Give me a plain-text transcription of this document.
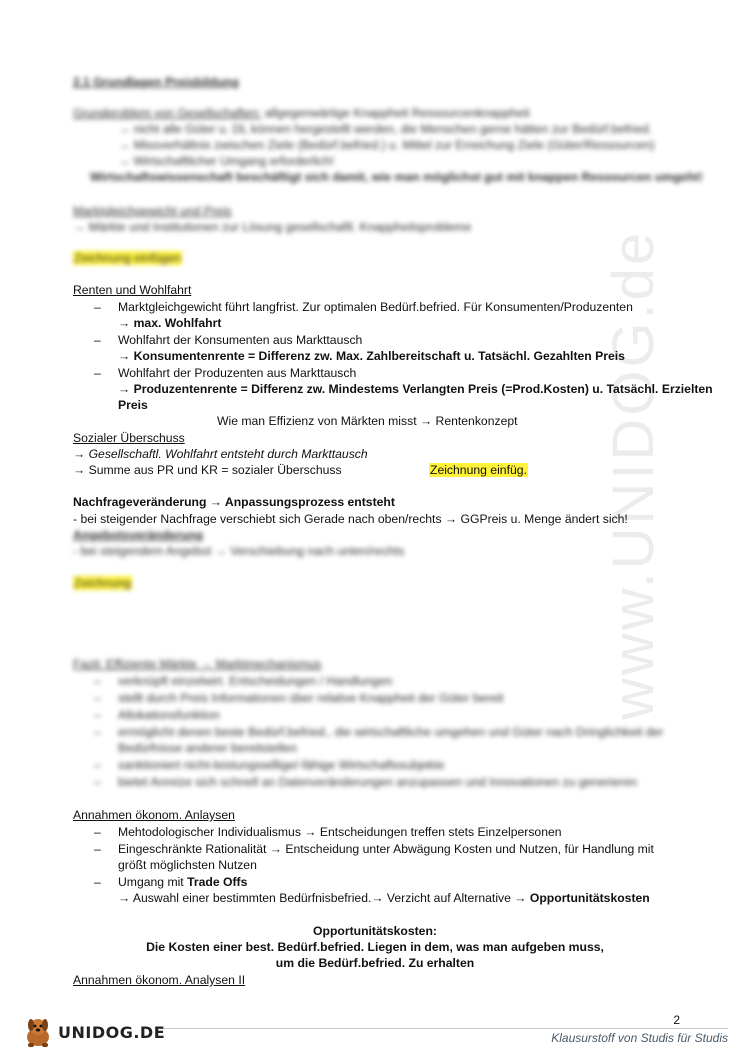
www.UNIDOG.de
2.1 Grundlagen Preisbildung
Grundproblem von Gesellschaften: allgegenwärtige Knappheit Ressourcenknappheit
→ nicht alle Güter u. DL können hergestellt werden, die Menschen gerne hätten zur Bedürf.befried.
→ Missverhältnis zwischen Ziele (Bedürf.befried.) u. Mittel zur Erreichung Ziele (Güter/Ressourcen)
→ Wirtschaftlicher Umgang erforderlich!
Wirtschaftswissenschaft beschäftigt sich damit, wie man möglichst gut mit knappen Ressourcen umgeht!
Marktgleichgewicht und Preis
→ Märkte und Institutionen zur Lösung gesellschaftl. Knappheitsprobleme
Zeichnung einfügen
Renten und Wohlfahrt
– Marktgleichgewicht führt langfrist. Zur optimalen Bedürf.befried. Für Konsumenten/Produzenten
→ max. Wohlfahrt
– Wohlfahrt der Konsumenten aus Markttausch
→ Konsumentenrente = Differenz zw. Max. Zahlbereitschaft u. Tatsächl. Gezahlten Preis
– Wohlfahrt der Produzenten aus Markttausch
→ Produzentenrente = Differenz zw. Mindestems Verlangten Preis (=Prod.Kosten) u. Tatsächl. Erzielten
Preis
Wie man Effizienz von Märkten misst → Rentenkonzept
Sozialer Überschuss
→ Gesellschaftl. Wohlfahrt entsteht durch Markttausch
→ Summe aus PR und KR = sozialer Überschuss	Zeichnung einfüg.
Nachfrageveränderung → Anpassungsprozess entsteht
- bei steigender Nachfrage verschiebt sich Gerade nach oben/rechts → GGPreis u. Menge ändert sich!
Angebotsveränderung
- bei steigendem Angebot → Verschiebung nach unten/rechts
Zeichnung
Fazit: Effiziente Märkte → Marktmechanismus
– verknüpft einzelwirt. Entscheidungen / Handlungen
– stellt durch Preis Informationen über relative Knappheit der Güter bereit
– Allokationsfunktion
– ermöglicht denen beste Bedürf.befried., die wirtschaftliche umgehen und Güter nach Dringlichkeit der
Bedürfnisse anderer bereitstellen
– sanktioniert nicht-leistungswillige/-fähige Wirtschaftssubjekte
– bietet Anreize sich schnell an Datenveränderungen anzupassen und Innovationen zu generieren
Annahmen ökonom. Anlaysen
– Mehtodologischer Individualismus → Entscheidungen treffen stets Einzelpersonen
– Eingeschränkte Rationalität → Entscheidung unter Abwägung Kosten und Nutzen, für Handlung mit
größt möglichsten Nutzen
– Umgang mit Trade Offs
→ Auswahl einer bestimmten Bedürfnisbefried.→ Verzicht auf Alternative → Opportunitätskosten
Opportunitätskosten:
Die Kosten einer best. Bedürf.befried. Liegen in dem, was man aufgeben muss,
um die Bedürf.befried. Zu erhalten
Annahmen ökonom. Analysen II
2
UNIDOG.DE	Klausurstoff von Studis für Studis
